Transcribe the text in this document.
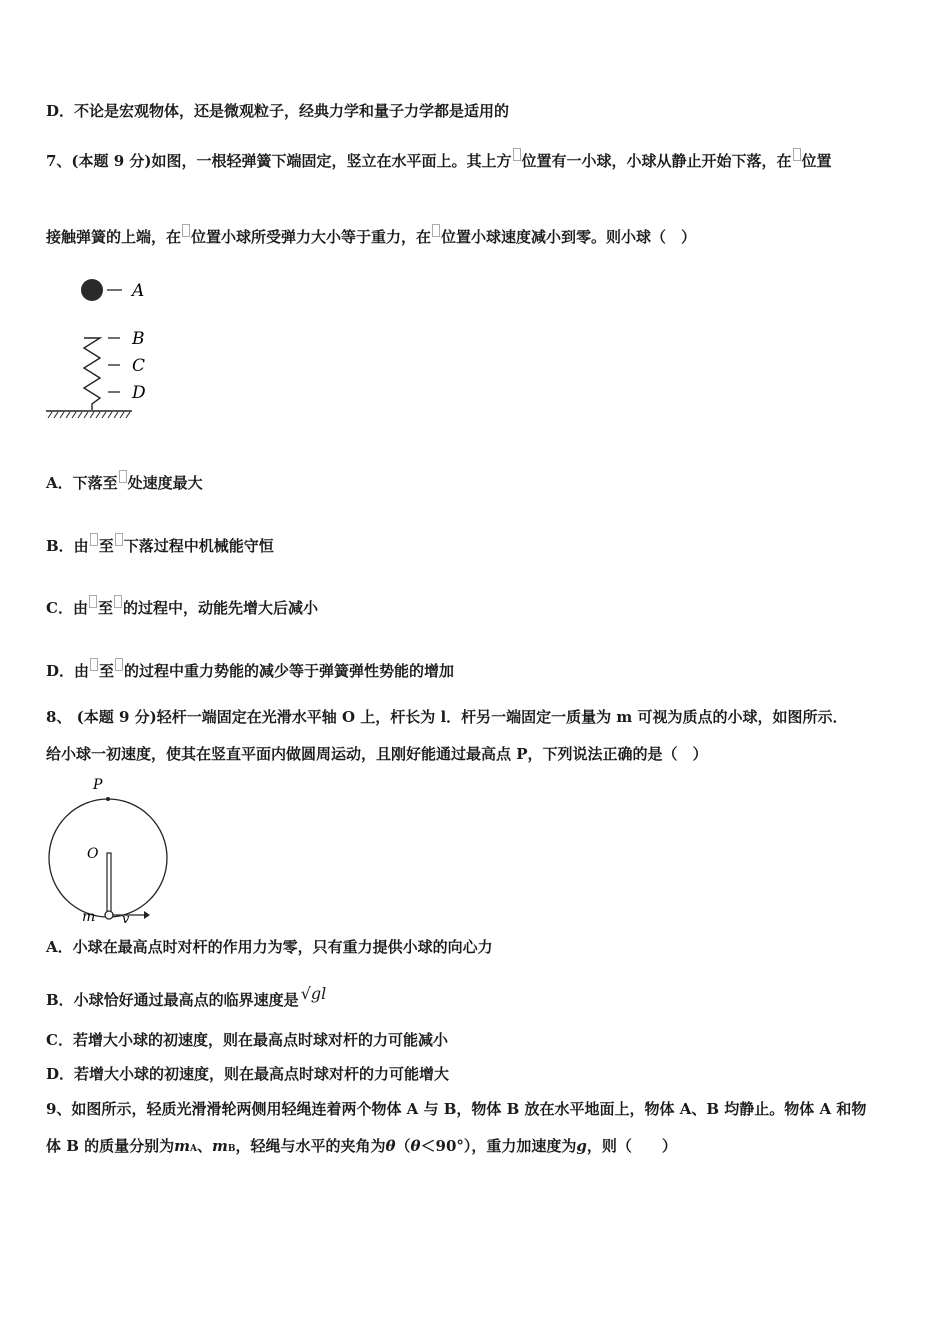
D．不论是宏观物体，还是微观粒子，经典力学和量子力学都是适用的
7、(本题 9 分)如图，一根轻弹簧下端固定，竖立在水平面上。其上方 位置有一小球，小球从静止开始下落，在 位置
接触弹簧的上端，在 位置小球所受弹力大小等于重力，在 位置小球速度减小到零。则小球（　）
A
B
C
D
A．下落至 处速度最大
B．由 至 下落过程中机械能守恒
C．由 至 的过程中，动能先增大后减小
D．由 至 的过程中重力势能的减少等于弹簧弹性势能的增加
8、 (本题 9 分)轻杆一端固定在光滑水平轴 O 上，杆长为 l．杆另一端固定一质量为 m 可视为质点的小球，如图所示．
给小球一初速度，使其在竖直平面内做圆周运动，且刚好能通过最高点 P，下列说法正确的是（　）
P
O
m v
A．小球在最高点时对杆的作用力为零，只有重力提供小球的向心力
B．小球恰好通过最高点的临界速度是 √gl
C．若增大小球的初速度，则在最高点时球对杆的力可能减小
D．若增大小球的初速度，则在最高点时球对杆的力可能增大
9、如图所示，轻质光滑滑轮两侧用轻绳连着两个物体 A 与 B，物体 B 放在水平地面上，物体 A、B 均静止。物体 A 和物
体 B 的质量分别为mA、mB，轻绳与水平的夹角为θ（θ＜90°），重力加速度为g，则（　　）
